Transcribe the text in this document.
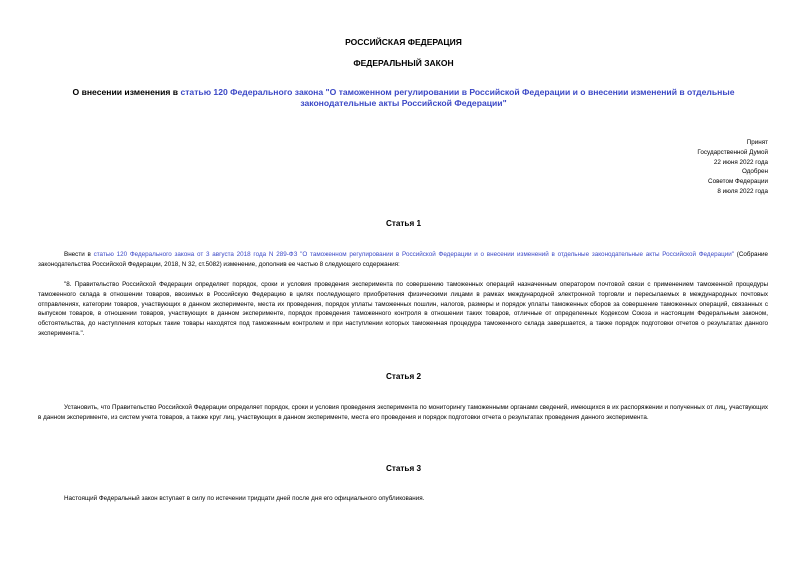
РОССИЙСКАЯ ФЕДЕРАЦИЯ
ФЕДЕРАЛЬНЫЙ ЗАКОН
О внесении изменения в статью 120 Федерального закона "О таможенном регулировании в Российской Федерации и о внесении изменений в отдельные законодательные акты Российской Федерации"
Принят
Государственной Думой
22 июня 2022 года
Одобрен
Советом Федерации
8 июля 2022 года
Статья 1
Внести в статью 120 Федерального закона от 3 августа 2018 года N 289-ФЗ "О таможенном регулировании в Российской Федерации и о внесении изменений в отдельные законодательные акты Российской Федерации" (Собрание законодательства Российской Федерации, 2018, N 32, ст.5082) изменение, дополнив ее частью 8 следующего содержания:
"8. Правительство Российской Федерации определяет порядок, сроки и условия проведения эксперимента по совершению таможенных операций назначенным оператором почтовой связи с применением таможенной процедуры таможенного склада в отношении товаров, ввозимых в Российскую Федерацию в целях последующего приобретения физическими лицами в рамках международной электронной торговли и пересылаемых в международных почтовых отправлениях, категории товаров, участвующих в данном эксперименте, места их проведения, порядок уплаты таможенных пошлин, налогов, размеры и порядок уплаты таможенных сборов за совершение таможенных операций, связанных с выпуском товаров, в отношении товаров, участвующих в данном эксперименте, порядок проведения таможенного контроля в отношении таких товаров, отличные от определенных Кодексом Союза и настоящим Федеральным законом, обстоятельства, до наступления которых такие товары находятся под таможенным контролем и при наступлении которых таможенная процедура таможенного склада завершается, а также порядок подготовки отчетов о результатах данного эксперимента.".
Статья 2
Установить, что Правительство Российской Федерации определяет порядок, сроки и условия проведения эксперимента по мониторингу таможенными органами сведений, имеющихся в их распоряжении и полученных от лиц, участвующих в данном эксперименте, из систем учета товаров, а также круг лиц, участвующих в данном эксперименте, места его проведения и порядок подготовки отчета о результатах проведения данного эксперимента.
Статья 3
Настоящий Федеральный закон вступает в силу по истечении тридцати дней после дня его официального опубликования.
